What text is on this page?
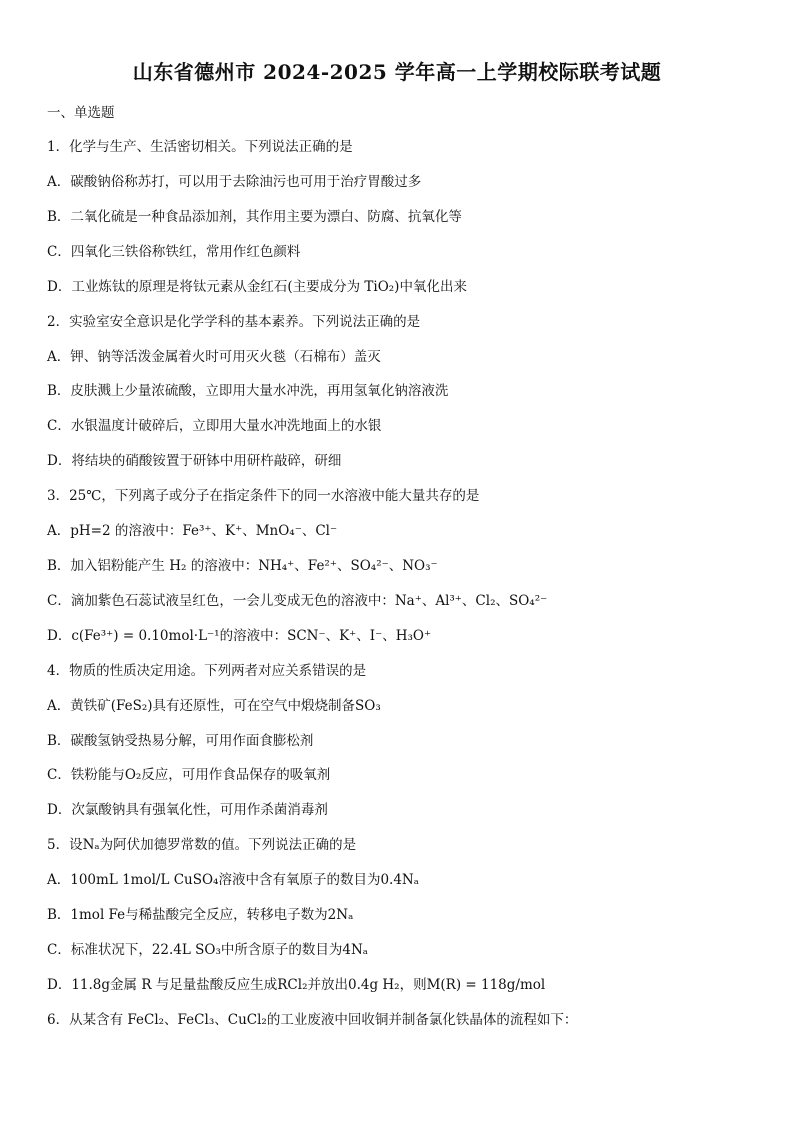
山东省德州市 2024-2025 学年高一上学期校际联考试题
一、单选题
1．化学与生产、生活密切相关。下列说法正确的是
A．碳酸钠俗称苏打，可以用于去除油污也可用于治疗胃酸过多
B．二氧化硫是一种食品添加剂，其作用主要为漂白、防腐、抗氧化等
C．四氧化三铁俗称铁红，常用作红色颜料
D．工业炼钛的原理是将钛元素从金红石(主要成分为 TiO₂)中氧化出来
2．实验室安全意识是化学学科的基本素养。下列说法正确的是
A．钾、钠等活泼金属着火时可用灭火毯（石棉布）盖灭
B．皮肤溅上少量浓硫酸，立即用大量水冲洗，再用氢氧化钠溶液洗
C．水银温度计破碎后，立即用大量水冲洗地面上的水银
D．将结块的硝酸铵置于研钵中用研杵敲碎，研细
3．25℃，下列离子或分子在指定条件下的同一水溶液中能大量共存的是
A．pH=2 的溶液中：Fe³⁺、K⁺、MnO₄⁻、Cl⁻
B．加入铝粉能产生 H₂ 的溶液中：NH₄⁺、Fe²⁺、SO₄²⁻、NO₃⁻
C．滴加紫色石蕊试液呈红色，一会儿变成无色的溶液中：Na⁺、Al³⁺、Cl₂、SO₄²⁻
D．c(Fe³⁺) = 0.10mol·L⁻¹的溶液中：SCN⁻、K⁺、I⁻、H₃O⁺
4．物质的性质决定用途。下列两者对应关系错误的是
A．黄铁矿(FeS₂)具有还原性，可在空气中煅烧制备SO₃
B．碳酸氢钠受热易分解，可用作面食膨松剂
C．铁粉能与O₂反应，可用作食品保存的吸氧剂
D．次氯酸钠具有强氧化性，可用作杀菌消毒剂
5．设Nₐ为阿伏加德罗常数的值。下列说法正确的是
A．100mL 1mol/L CuSO₄溶液中含有氧原子的数目为0.4Nₐ
B．1mol Fe与稀盐酸完全反应，转移电子数为2Nₐ
C．标准状况下，22.4L SO₃中所含原子的数目为4Nₐ
D．11.8g金属 R 与足量盐酸反应生成RCl₂并放出0.4g H₂，则M(R) = 118g/mol
6．从某含有 FeCl₂、FeCl₃、CuCl₂的工业废液中回收铜并制备氯化铁晶体的流程如下：
